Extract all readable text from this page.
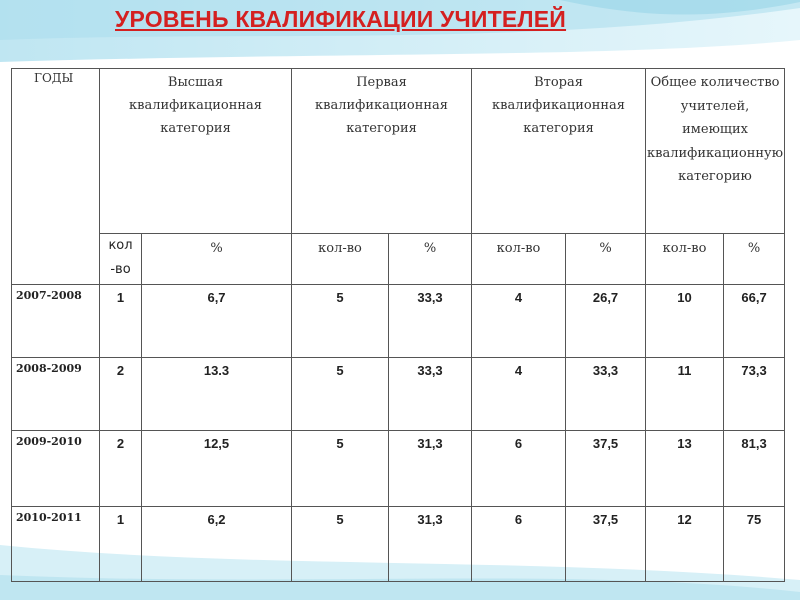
УРОВЕНЬ КВАЛИФИКАЦИИ УЧИТЕЛЕЙ
ГОДЫ	Высшая квалификационная категория		Первая квалификационная категория		Вторая квалификационная категория		Общее количество учителей, имеющих квалификационную категорию	

	кол -во	%	кол-во	%	кол-во	%	кол-во	%

2007-2008	1	6,7	5	33,3	4	26,7	10	66,7
2008-2009	2	13.3	5	33,3	4	33,3	11	73,3
2009-2010	2	12,5	5	31,3	6	37,5	13	81,3
2010-2011	1	6,2	5	31,3	6	37,5	12	75
